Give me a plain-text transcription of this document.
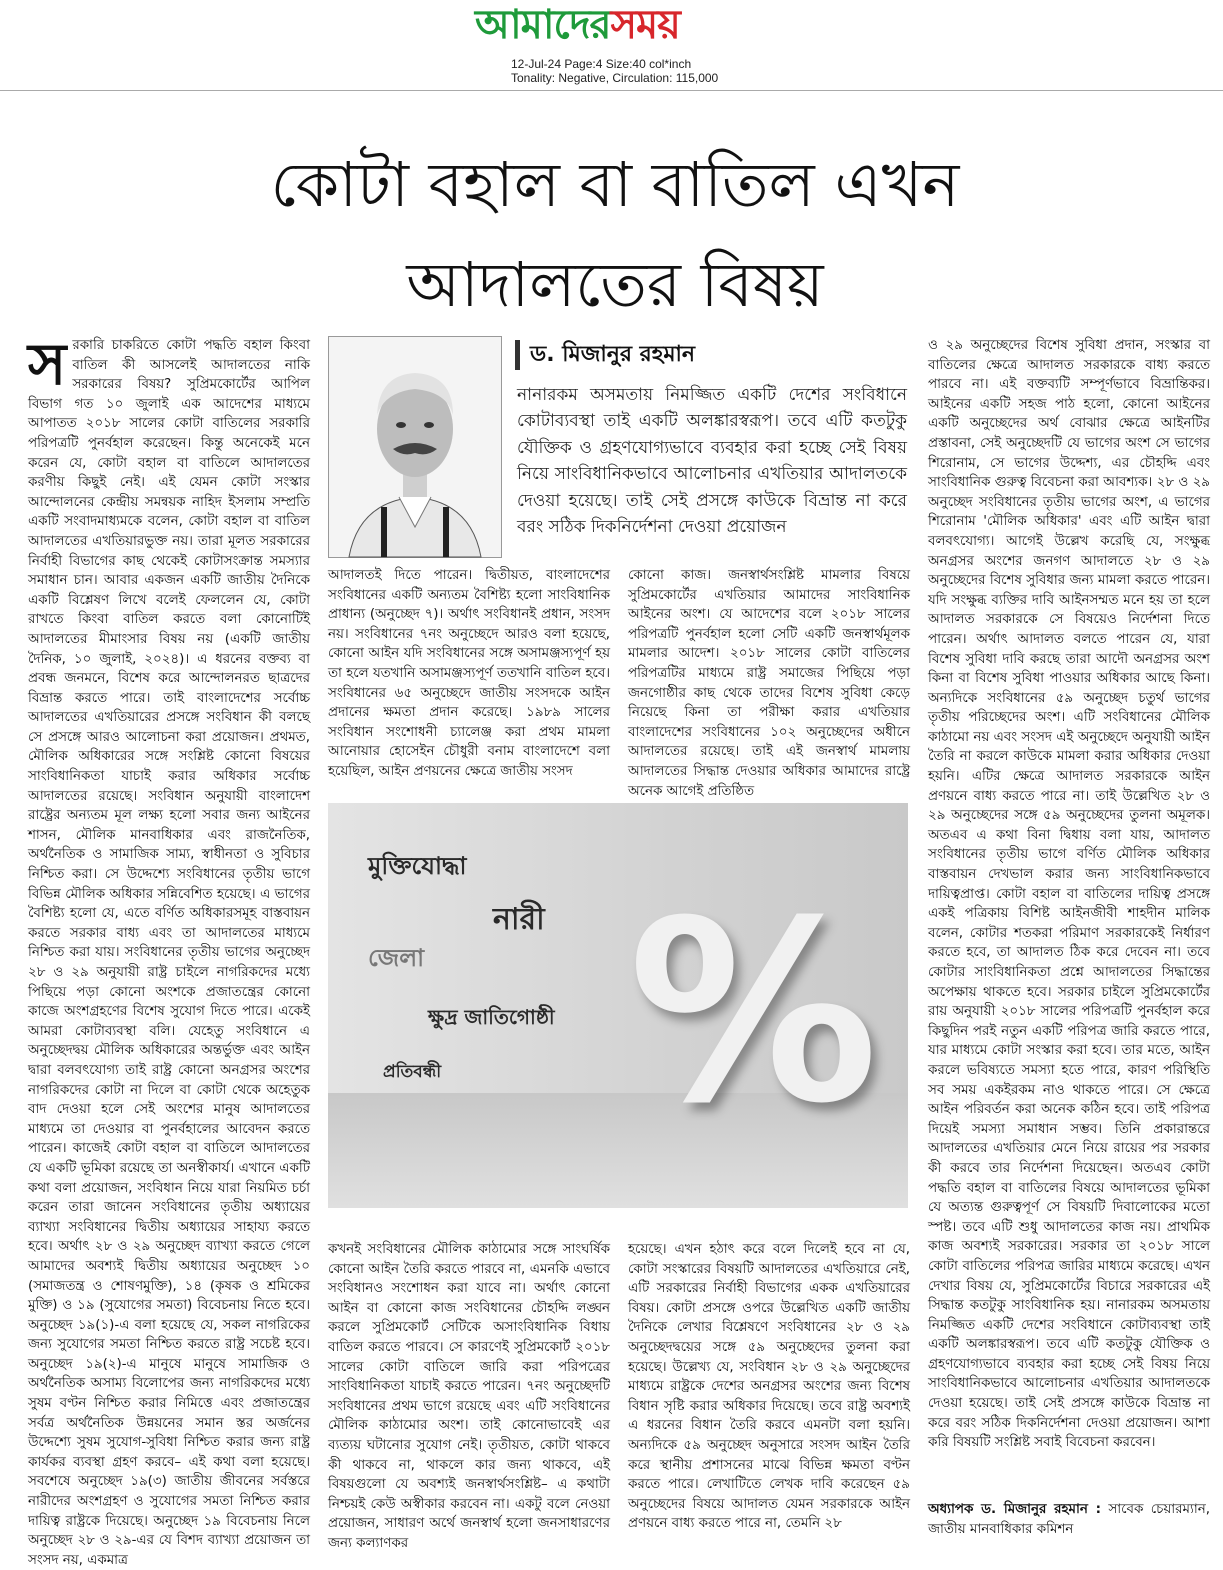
আমাদেরসময়
12-Jul-24 Page:4 Size:40 col*inch
Tonality: Negative, Circulation: 115,000
কোটা বহাল বা বাতিল এখন
আদালতের বিষয়
স রকারি চাকরিতে কোটা পদ্ধতি বহাল কিংবা বাতিল কী আসলেই আদালতের নাকি সরকারের বিষয়? সুপ্রিমকোর্টের আপিল বিভাগ গত ১০ জুলাই এক আদেশের মাধ্যমে আপাতত ২০১৮ সালের কোটা বাতিলের সরকারি পরিপত্রটি পুনর্বহাল করেছেন। কিন্তু অনেকেই মনে করেন যে, কোটা বহাল বা বাতিলে আদালতের করণীয় কিছুই নেই। এই যেমন কোটা সংস্কার আন্দোলনের কেন্দ্রীয় সমন্বয়ক নাহিদ ইসলাম সম্প্রতি একটি সংবাদমাধ্যমকে বলেন, কোটা বহাল বা বাতিল আদালতের এখতিয়ারভুক্ত নয়। তারা মূলত সরকারের নির্বাহী বিভাগের কাছ থেকেই কোটাসংক্রান্ত সমস্যার সমাধান চান। আবার একজন একটি জাতীয় দৈনিকে একটি বিশ্লেষণ লিখে বলেই ফেললেন যে, কোটা রাখতে কিংবা বাতিল করতে বলা কোনোটিই আদালতের মীমাংসার বিষয় নয় (একটি জাতীয় দৈনিক, ১০ জুলাই, ২০২৪)। এ ধরনের বক্তব্য বা প্রবন্ধ জনমনে, বিশেষ করে আন্দোলনরত ছাত্রদের বিভ্রান্ত করতে পারে। তাই বাংলাদেশের সর্বোচ্চ আদালতের এখতিয়ারের প্রসঙ্গে সংবিধান কী বলছে সে প্রসঙ্গে আরও আলোচনা করা প্রয়োজন। প্রথমত, মৌলিক অধিকারের সঙ্গে সংশ্লিষ্ট কোনো বিষয়ের সাংবিধানিকতা যাচাই করার অধিকার সর্বোচ্চ আদালতের রয়েছে। সংবিধান অনুযায়ী বাংলাদেশ রাষ্ট্রের অন্যতম মূল লক্ষ্য হলো সবার জন্য আইনের শাসন, মৌলিক মানবাধিকার এবং রাজনৈতিক, অর্থনৈতিক ও সামাজিক সাম্য, স্বাধীনতা ও সুবিচার নিশ্চিত করা। সে উদ্দেশ্যে সংবিধানের তৃতীয় ভাগে বিভিন্ন মৌলিক অধিকার সন্নিবেশিত হয়েছে। এ ভাগের বৈশিষ্ট্য হলো যে, এতে বর্ণিত অধিকারসমূহ বাস্তবায়ন করতে সরকার বাধ্য এবং তা আদালতের মাধ্যমে নিশ্চিত করা যায়। সংবিধানের তৃতীয় ভাগের অনুচ্ছেদ ২৮ ও ২৯ অনুযায়ী রাষ্ট্র চাইলে নাগরিকদের মধ্যে পিছিয়ে পড়া কোনো অংশকে প্রজাতন্ত্রের কোনো কাজে অংশগ্রহণের বিশেষ সুযোগ দিতে পারে। একেই আমরা কোটাব্যবস্থা বলি। যেহেতু সংবিধানে এ অনুচ্ছেদদ্বয় মৌলিক অধিকারের অন্তর্ভুক্ত এবং আইন দ্বারা বলবৎযোগ্য তাই রাষ্ট্র কোনো অনগ্রসর অংশের নাগরিকদের কোটা না দিলে বা কোটা থেকে অহেতুক বাদ দেওয়া হলে সেই অংশের মানুষ আদালতের মাধ্যমে তা দেওয়ার বা পুনর্বহালের আবেদন করতে পারেন। কাজেই কোটা বহাল বা বাতিলে আদালতের যে একটি ভূমিকা রয়েছে তা অনস্বীকার্য। এখানে একটি কথা বলা প্রয়োজন, সংবিধান নিয়ে যারা নিয়মিত চর্চা করেন তারা জানেন সংবিধানের তৃতীয় অধ্যায়ের ব্যাখ্যা সংবিধানের দ্বিতীয় অধ্যায়ের সাহায্য করতে হবে। অর্থাৎ ২৮ ও ২৯ অনুচ্ছেদ ব্যাখ্যা করতে গেলে আমাদের অবশ্যই দ্বিতীয় অধ্যায়ের অনুচ্ছেদ ১০ (সমাজতন্ত্র ও শোষণমুক্তি), ১৪ (কৃষক ও শ্রমিকের মুক্তি) ও ১৯ (সুযোগের সমতা) বিবেচনায় নিতে হবে। অনুচ্ছেদ ১৯(১)-এ বলা হয়েছে যে, সকল নাগরিকের জন্য সুযোগের সমতা নিশ্চিত করতে রাষ্ট্র সচেষ্ট হবে। অনুচ্ছেদ ১৯(২)-এ মানুষে মানুষে সামাজিক ও অর্থনৈতিক অসাম্য বিলোপের জন্য নাগরিকদের মধ্যে সুষম বণ্টন নিশ্চিত করার নিমিত্তে এবং প্রজাতন্ত্রের সর্বত্র অর্থনৈতিক উন্নয়নের সমান স্তর অর্জনের উদ্দেশ্যে সুষম সুযোগ-সুবিধা নিশ্চিত করার জন্য রাষ্ট্র কার্যকর ব্যবস্থা গ্রহণ করবে– এই কথা বলা হয়েছে। সবশেষে অনুচ্ছেদ ১৯(৩) জাতীয় জীবনের সর্বস্তরে নারীদের অংশগ্রহণ ও সুযোগের সমতা নিশ্চিত করার দায়িত্ব রাষ্ট্রকে দিয়েছে। অনুচ্ছেদ ১৯ বিবেচনায় নিলে অনুচ্ছেদ ২৮ ও ২৯-এর যে বিশদ ব্যাখ্যা প্রয়োজন তা সংসদ নয়, একমাত্র

ড. মিজানুর রহমান
নানারকম অসমতায় নিমজ্জিত একটি দেশের সংবিধানে কোটাব্যবস্থা তাই একটি অলঙ্কারস্বরূপ। তবে এটি কতটুকু যৌক্তিক ও গ্রহণযোগ্যভাবে ব্যবহার করা হচ্ছে সেই বিষয় নিয়ে সাংবিধানিকভাবে আলোচনার এখতিয়ার আদালতকে দেওয়া হয়েছে। তাই সেই প্রসঙ্গে কাউকে বিভ্রান্ত না করে বরং সঠিক দিকনির্দেশনা দেওয়া প্রয়োজন

আদালতই দিতে পারেন। দ্বিতীয়ত, বাংলাদেশের সংবিধানের একটি অন্যতম বৈশিষ্ট্য হলো সাংবিধানিক প্রাধান্য (অনুচ্ছেদ ৭)। অর্থাৎ সংবিধানই প্রধান, সংসদ নয়। সংবিধানের ৭নং অনুচ্ছেদে আরও বলা হয়েছে, কোনো আইন যদি সংবিধানের সঙ্গে অসামঞ্জস্যপূর্ণ হয় তা হলে যতখানি অসামঞ্জস্যপূর্ণ ততখানি বাতিল হবে। সংবিধানের ৬৫ অনুচ্ছেদে জাতীয় সংসদকে আইন প্রদানের ক্ষমতা প্রদান করেছে। ১৯৮৯ সালের সংবিধান সংশোধনী চ্যালেঞ্জ করা প্রথম মামলা আনোয়ার হোসেইন চৌধুরী বনাম বাংলাদেশে বলা হয়েছিল, আইন প্রণয়নের ক্ষেত্রে জাতীয় সংসদ

কোনো কাজ। জনস্বার্থসংশ্লিষ্ট মামলার বিষয়ে সুপ্রিমকোর্টের এখতিয়ার আমাদের সাংবিধানিক আইনের অংশ। যে আদেশের বলে ২০১৮ সালের পরিপত্রটি পুনর্বহাল হলো সেটি একটি জনস্বার্থমূলক মামলার আদেশ। ২০১৮ সালের কোটা বাতিলের পরিপত্রটির মাধ্যমে রাষ্ট্র সমাজের পিছিয়ে পড়া জনগোষ্ঠীর কাছ থেকে তাদের বিশেষ সুবিধা কেড়ে নিয়েছে কিনা তা পরীক্ষা করার এখতিয়ার বাংলাদেশের সংবিধানের ১০২ অনুচ্ছেদের অধীনে আদালতের রয়েছে। তাই এই জনস্বার্থ মামলায় আদালতের সিদ্ধান্ত দেওয়ার অধিকার আমাদের রাষ্ট্রে অনেক আগেই প্রতিষ্ঠিত

মুক্তিযোদ্ধা
নারী
জেলা
ক্ষুদ্র জাতিগোষ্ঠী
প্রতিবন্ধী %

কখনই সংবিধানের মৌলিক কাঠামোর সঙ্গে সাংঘর্ষিক কোনো আইন তৈরি করতে পারবে না, এমনকি এভাবে সংবিধানও সংশোধন করা যাবে না। অর্থাৎ কোনো আইন বা কোনো কাজ সংবিধানের চৌহদ্দি লঙ্ঘন করলে সুপ্রিমকোর্ট সেটিকে অসাংবিধানিক বিধায় বাতিল করতে পারবে। সে কারণেই সুপ্রিমকোর্ট ২০১৮ সালের কোটা বাতিলে জারি করা পরিপত্রের সাংবিধানিকতা যাচাই করতে পারেন। ৭নং অনুচ্ছেদটি সংবিধানের প্রথম ভাগে রয়েছে এবং এটি সংবিধানের মৌলিক কাঠামোর অংশ। তাই কোনোভাবেই এর ব্যত্যয় ঘটানোর সুযোগ নেই। তৃতীয়ত, কোটা থাকবে কী থাকবে না, থাকলে কার জন্য থাকবে, এই বিষয়গুলো যে অবশ্যই জনস্বার্থসংশ্লিষ্ট– এ কথাটা নিশ্চয়ই কেউ অস্বীকার করবেন না। একটু বলে নেওয়া প্রয়োজন, সাধারণ অর্থে জনস্বার্থ হলো জনসাধারণের জন্য কল্যাণকর

হয়েছে। এখন হঠাৎ করে বলে দিলেই হবে না যে, কোটা সংস্কারের বিষয়টি আদালতের এখতিয়ারে নেই, এটি সরকারের নির্বাহী বিভাগের একক এখতিয়ারের বিষয়। কোটা প্রসঙ্গে ওপরে উল্লেখিত একটি জাতীয় দৈনিকে লেখার বিশ্লেষণে সংবিধানের ২৮ ও ২৯ অনুচ্ছেদদ্বয়ের সঙ্গে ৫৯ অনুচ্ছেদের তুলনা করা হয়েছে। উল্লেখ্য যে, সংবিধান ২৮ ও ২৯ অনুচ্ছেদের মাধ্যমে রাষ্ট্রকে দেশের অনগ্রসর অংশের জন্য বিশেষ বিধান সৃষ্টি করার অধিকার দিয়েছে। তবে রাষ্ট্র অবশ্যই এ ধরনের বিধান তৈরি করবে এমনটা বলা হয়নি। অন্যদিকে ৫৯ অনুচ্ছেদ অনুসারে সংসদ আইন তৈরি করে স্থানীয় প্রশাসনের মাঝে বিভিন্ন ক্ষমতা বণ্টন করতে পারে। লেখাটিতে লেখক দাবি করেছেন ৫৯ অনুচ্ছেদের বিষয়ে আদালত যেমন সরকারকে আইন প্রণয়নে বাধ্য করতে পারে না, তেমনি ২৮

ও ২৯ অনুচ্ছেদের বিশেষ সুবিধা প্রদান, সংস্কার বা বাতিলের ক্ষেত্রে আদালত সরকারকে বাধ্য করতে পারবে না। এই বক্তব্যটি সম্পূর্ণভাবে বিভ্রান্তিকর। আইনের একটি সহজ পাঠ হলো, কোনো আইনের একটি অনুচ্ছেদের অর্থ বোঝার ক্ষেত্রে আইনটির প্রস্তাবনা, সেই অনুচ্ছেদটি যে ভাগের অংশ সে ভাগের শিরোনাম, সে ভাগের উদ্দেশ্য, এর চৌহদ্দি এবং সাংবিধানিক গুরুত্ব বিবেচনা করা আবশ্যক। ২৮ ও ২৯ অনুচ্ছেদ সংবিধানের তৃতীয় ভাগের অংশ, এ ভাগের শিরোনাম 'মৌলিক অধিকার' এবং এটি আইন দ্বারা বলবৎযোগ্য। আগেই উল্লেখ করেছি যে, সংক্ষুব্ধ অনগ্রসর অংশের জনগণ আদালতে ২৮ ও ২৯ অনুচ্ছেদের বিশেষ সুবিধার জন্য মামলা করতে পারেন। যদি সংক্ষুব্ধ ব্যক্তির দাবি আইনসম্মত মনে হয় তা হলে আদালত সরকারকে সে বিষয়েও নির্দেশনা দিতে পারেন। অর্থাৎ আদালত বলতে পারেন যে, যারা বিশেষ সুবিধা দাবি করছে তারা আদৌ অনগ্রসর অংশ কিনা বা বিশেষ সুবিধা পাওয়ার অধিকার আছে কিনা। অন্যদিকে সংবিধানের ৫৯ অনুচ্ছেদ চতুর্থ ভাগের তৃতীয় পরিচ্ছেদের অংশ। এটি সংবিধানের মৌলিক কাঠামো নয় এবং সংসদ এই অনুচ্ছেদে অনুযায়ী আইন তৈরি না করলে কাউকে মামলা করার অধিকার দেওয়া হয়নি। এটির ক্ষেত্রে আদালত সরকারকে আইন প্রণয়নে বাধ্য করতে পারে না। তাই উল্লেখিত ২৮ ও ২৯ অনুচ্ছেদের সঙ্গে ৫৯ অনুচ্ছেদের তুলনা অমূলক। অতএব এ কথা বিনা দ্বিধায় বলা যায়, আদালত সংবিধানের তৃতীয় ভাগে বর্ণিত মৌলিক অধিকার বাস্তবায়ন দেখভাল করার জন্য সাংবিধানিকভাবে দায়িত্বপ্রাপ্ত। কোটা বহাল বা বাতিলের দায়িত্ব প্রসঙ্গে একই পত্রিকায় বিশিষ্ট আইনজীবী শাহদীন মালিক বলেন, কোটার শতকরা পরিমাণ সরকারকেই নির্ধারণ করতে হবে, তা আদালত ঠিক করে দেবেন না। তবে কোটার সাংবিধানিকতা প্রশ্নে আদালতের সিদ্ধান্তের অপেক্ষায় থাকতে হবে। সরকার চাইলে সুপ্রিমকোর্টের রায় অনুযায়ী ২০১৮ সালের পরিপত্রটি পুনর্বহাল করে কিছুদিন পরই নতুন একটি পরিপত্র জারি করতে পারে, যার মাধ্যমে কোটা সংস্কার করা হবে। তার মতে, আইন করলে ভবিষ্যতে সমস্যা হতে পারে, কারণ পরিস্থিতি সব সময় একইরকম নাও থাকতে পারে। সে ক্ষেত্রে আইন পরিবর্তন করা অনেক কঠিন হবে। তাই পরিপত্র দিয়েই সমস্যা সমাধান সম্ভব। তিনি প্রকারান্তরে আদালতের এখতিয়ার মেনে নিয়ে রায়ের পর সরকার কী করবে তার নির্দেশনা দিয়েছেন। অতএব কোটা পদ্ধতি বহাল বা বাতিলের বিষয়ে আদালতের ভূমিকা যে অত্যন্ত গুরুত্বপূর্ণ সে বিষয়টি দিবালোকের মতো স্পষ্ট। তবে এটি শুধু আদালতের কাজ নয়। প্রাথমিক কাজ অবশ্যই সরকারের। সরকার তা ২০১৮ সালে কোটা বাতিলের পরিপত্র জারির মাধ্যমে করেছে। এখন দেখার বিষয় যে, সুপ্রিমকোর্টের বিচারে সরকারের এই সিদ্ধান্ত কতটুকু সাংবিধানিক হয়। নানারকম অসমতায় নিমজ্জিত একটি দেশের সংবিধানে কোটাব্যবস্থা তাই একটি অলঙ্কারস্বরূপ। তবে এটি কতটুকু যৌক্তিক ও গ্রহণযোগ্যভাবে ব্যবহার করা হচ্ছে সেই বিষয় নিয়ে সাংবিধানিকভাবে আলোচনার এখতিয়ার আদালতকে দেওয়া হয়েছে। তাই সেই প্রসঙ্গে কাউকে বিভ্রান্ত না করে বরং সঠিক দিকনির্দেশনা দেওয়া প্রয়োজন। আশা করি বিষয়টি সংশ্লিষ্ট সবাই বিবেচনা করবেন।

অধ্যাপক ড. মিজানুর রহমান : সাবেক চেয়ারম্যান, জাতীয় মানবাধিকার কমিশন
